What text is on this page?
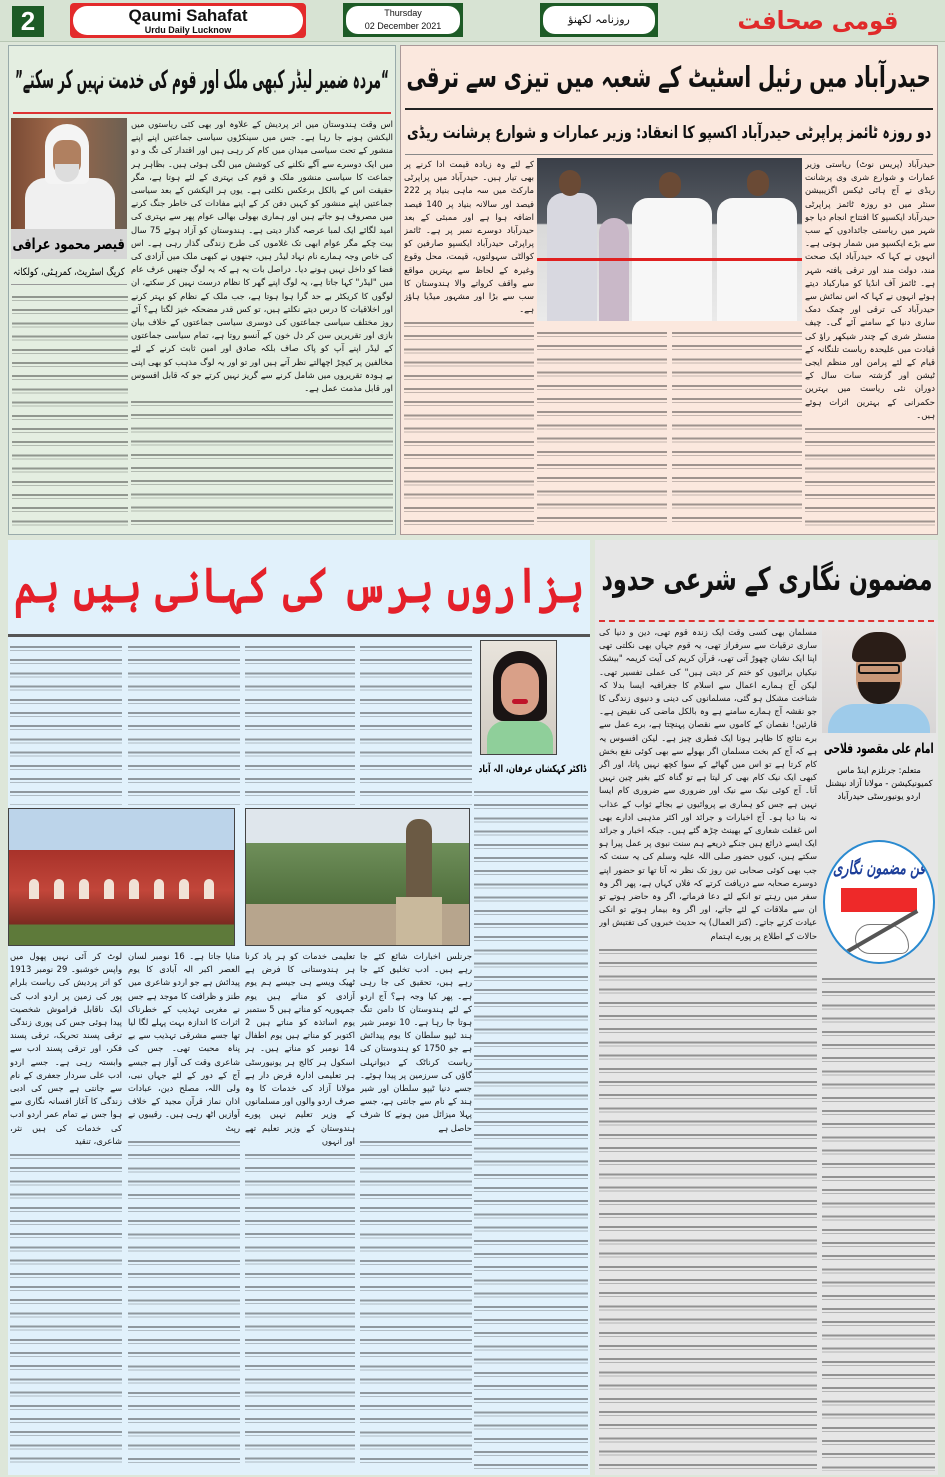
2	Qaumi Sahafat
Urdu Daily Lucknow
Thursday
02 December 2021	روزنامہ لکھنؤ	قومی صحافت
“مردہ ضمیر لیڈر کبھی ملک اور قوم کی خدمت نہیں کر سکتے”
قیصر محمود عراقی
کریگ اسٹریٹ، کمرہٹی، کولکاتہ

اس وقت ہندوستان میں اتر پردیش کے علاوہ اور بھی کئی ریاستوں میں الیکشن ہونے جا رہا ہے۔ جس میں سینکڑوں سیاسی جماعتیں اپنے اپنے منشور کے تحت سیاسی میدان میں کام کر رہی ہیں اور اقتدار کی تگ و دو میں ایک دوسرے سے آگے نکلنے کی کوشش میں لگی ہوئی ہیں۔ بظاہر ہر جماعت کا سیاسی منشور ملک و قوم کی بہتری کے لئے ہوتا ہے، مگر حقیقت اس کے بالکل برعکس نکلتی ہے۔ یوں ہر الیکشن کے بعد سیاسی جماعتیں اپنے منشور کو کہیں دفن کر کے اپنے مفادات کی خاطر جنگ کرنے میں مصروف ہو جاتے ہیں اور ہماری بھولی بھالی عوام پھر سے بہتری کی امید لگائے ایک لمبا عرصہ گذار دیتی ہے۔ ہندوستان کو آزاد ہوئے 75 سال بیت چکے مگر عوام ابھی تک غلاموں کی طرح زندگی گذار رہی ہے۔ اس کی خاص وجہ ہمارے نام نہاد لیڈر ہیں، جنھوں نے کبھی ملک میں آزادی کی فضا کو داخل نہیں ہونے دیا۔ دراصل بات یہ ہے کہ یہ لوگ جنھیں عرف عام میں "لیڈر" کہا جاتا ہے، یہ لوگ اپنے گھر کا نظام درست نہیں کر سکتے، ان لوگوں کا کریکٹر بے حد گرا ہوا ہوتا ہے، جب ملک کے نظام کو بہتر کرنے اور اخلاقیات کا درس دیتے نکلتے ہیں، تو کس قدر مضحکہ خیز لگتا ہے؟ آئے روز مختلف سیاسی جماعتوں کی دوسری سیاسی جماعتوں کے خلاف بیان بازی اور تقریریں سن کر دل خون کے آنسو روتا ہے، تمام سیاسی جماعتوں کے لیڈر اپنے آپ کو پاک صاف بلکہ صادق اور امین ثابت کرنے کے لئے مخالفین پر کیچڑ اچھالتے نظر آتے ہیں اور تو اور یہ لوگ مذہب کو بھی اپنی بے ہودہ تقریروں میں شامل کرنے سے گریز نہیں کرتے جو کہ قابل افسوس اور قابل مذمت عمل ہے۔

حیدرآباد میں رئیل اسٹیٹ کے شعبہ میں تیزی سے ترقی
دو روزہ ٹائمز پراپرٹی حیدرآباد اکسپو کا انعقاد: وزیر عمارات و شوارع پرشانت ریڈی

حیدرآباد (پریس نوٹ) ریاستی وزیر عمارات و شوارع شری وی پرشانت ریڈی نے آج ہائی ٹیکس اگزیبیشن سنٹر میں دو روزہ ٹائمز پراپرٹی حیدرآباد ایکسپو کا افتتاح انجام دیا جو شہر میں ریاستی جائدادوں کے سب سے بڑے ایکسپو میں شمار ہوتی ہے۔ انہوں نے کہا کہ حیدرآباد ایک صحت مند، دولت مند اور ترقی یافتہ شہر ہے۔ ٹائمز آف انڈیا کو مبارکباد دیتے ہوئے انہوں نے کہا کہ اس نمائش سے حیدرآباد کی ترقی اور چمک دمک ساری دنیا کے سامنے آئے گی۔ چیف منسٹر شری کے چندر شیکھر راؤ کی قیادت میں علیحدہ ریاست تلنگانہ کے قیام کے لئے پرامن اور منظم ایجی ٹیشن اور گزشتہ سات سال کے دوران نئی ریاست میں بہترین حکمرانی کے بہترین اثرات ہوئے ہیں۔

کے لئے وہ زیادہ قیمت ادا کرنے پر بھی تیار ہیں۔ حیدرآباد میں پراپرٹی مارکٹ میں سہ ماہی بنیاد پر 222 فیصد اور سالانہ بنیاد پر 140 فیصد اضافہ ہوا ہے اور ممبئی کے بعد حیدرآباد دوسرے نمبر پر ہے۔ ٹائمز پراپرٹی حیدرآباد ایکسپو صارفین کو کوالٹی سہولتوں، قیمت، محل وقوع وغیرہ کے لحاظ سے بہترین مواقع سے واقف کرواتے والا ہندوستان کا سب سے بڑا اور مشہور میڈیا ہاؤز ہے۔

ہزاروں برس کی کہانی ہیں ہم
ڈاکٹر کہکشاں عرفان، الہ آباد

جرنلس اخبارات شائع کئے جا رہے ہیں۔ ادب تخلیق کئے جا رہے ہیں، تحقیق کی جا رہی ہے۔ پھر کیا وجہ ہے؟ آج اردو کے لئے ہندوستان کا دامن تنگ ہوتا جا رہا ہے۔ 10 نومبر شیر ہند ٹیپو سلطان کا یوم پیدائش ہے جو 1750 کو ہندوستان کی ریاست کرناٹک کے دیوانہلی گاؤں کی سرزمین پر پیدا ہوئے۔ جسے دنیا ٹیپو سلطان اور شیر ہند کے نام سے جانتی ہے، جسے پہلا میزائل مین ہونے کا شرف حاصل ہے

تعلیمی خدمات کو ہر یاد کرنا ہر ہندوستانی کا فرض ہے ٹھیک ویسے ہی جیسے ہم یوم آزادی کو مناتے ہیں یوم جمہوریہ کو مناتے ہیں 5 ستمبر یوم اساتذہ کو مناتے ہیں 2 اکتوبر کو مناتے ہیں یوم اطفال 14 نومبر کو مناتے ہیں۔ ہر اسکول ہر کالج ہر یونیورسٹی ہر تعلیمی ادارہ قرض دار ہے مولانا آزاد کی خدمات کا وہ صرف اردو والوں اور مسلمانوں کے وزیر تعلیم نہیں پورے ہندوستان کے وزیر تعلیم تھے اور انہوں

منایا جاتا ہے۔ 16 نومبر لسان العصر اکبر الہ آبادی کا یوم پیدائش ہے جو اردو شاعری میں طنز و ظرافت کا موجد ہے جس نے مغربی تہذیب کے خطرناک اثرات کا اندازہ بہت پہلے لگا لیا تھا جسے مشرقی تہذیب سے بے پناہ محبت تھی۔ جس کی شاعری وقت کی آواز ہے جیسے آج کے دور کے لئے جہاں نبی، ولی اللہ، مصلح دین، عبادات اذان نماز قرآن مجید کے خلاف آوازیں اٹھ رہی ہیں۔ رقیبوں نے رپٹ

لوٹ کر آئی نہیں پھول میں واپس خوشبو۔ 29 نومبر 1913 کو اتر پردیش کی ریاست بلرام پور کی زمین پر اردو ادب کی ایک ناقابل فراموش شخصیت پیدا ہوئی جس کی پوری زندگی ترقی پسند تحریک، ترقی پسند فکر، اور ترقی پسند ادب سے وابستہ رہی ہے۔ جسے اردو ادب علی سردار جعفری کے نام سے جانتی ہے جس کی ادبی زندگی کا آغاز افسانہ نگاری سے ہوا جس نے تمام عمر اردو ادب کی خدمات کی ہیں نثر، شاعری، تنقید

مضمون نگاری کے شرعی حدود
امام علی مقصود فلاحی
متعلم: جرنلزم اینڈ ماس کمیونیکیشن - مولانا آزاد نیشنل اردو یونیورسٹی حیدرآباد

مسلمان بھی کسی وقت ایک زندہ قوم تھی، دین و دنیا کی ساری ترقیات سے سرفراز تھی، یہ قوم جہاں بھی نکلتی تھی اپنا ایک نشان چھوڑ آتی تھی، قرآن کریم کی آیت کریمہ "بیشک نیکیاں برائیوں کو ختم کر دیتی ہیں" کی عملی تفسیر تھی۔ لیکن آج ہمارے اعمال سے اسلام کا جغرافیہ ایسا بدلا کہ شناخت مشکل ہو گئی، مسلمانوں کی دینی و دنیوی زندگی کا جو نقشہ آج ہمارے سامنے ہے وہ بالکل ماضی کی نقیض ہے۔ قارئین! نقصان کے کاموں سے نقصان پہنچتا ہے، برے عمل سے برے نتائج کا ظاہر ہونا ایک فطری چیز ہے۔ لیکن افسوس یہ ہے کہ آج کم بخت مسلمان اگر بھولے سے بھی کوئی نفع بخش کام کرتا ہے تو اس میں گھاٹے کے سوا کچھ نہیں پاتا، اور اگر کبھی ایک نیک کام بھی کر لیتا ہے تو گناہ کئے بغیر چین نہیں آتا۔ آج کوئی نیک سے نیک اور ضروری سے ضروری کام ایسا نہیں ہے جس کو ہماری بے پروائیوں نے بجائے ثواب کے عذاب نہ بنا دیا ہو۔ آج اخبارات و جرائد اور اکثر مذہبی ادارے بھی اس غفلت شعاری کے بھینٹ چڑھ گئے ہیں۔ جبکہ اخبار و جرائد ایک ایسے ذرائع ہیں جنکے ذریعے ہم سنت نبوی پر عمل پیرا ہو سکتے ہیں، کیوں حضور صلی اللہ علیہ وسلم کی یہ سنت کہ جب بھی کوئی صحابی تین روز تک نظر نہ آتا تھا تو حضور اپنے دوسرے صحابہ سے دریافت کرتے کہ فلاں کہاں ہے، پھر اگر وہ سفر میں رہتے تو انکے لئے دعا فرماتے، اگر وہ حاضر ہوتے تو ان سے ملاقات کے لئے جاتے، اور اگر وہ بیمار ہوتے تو انکی عیادت کرتے جاتے۔ (کنز العمال) یہ حدیث خبروں کی تفتیش اور حالات کے اطلاع پر پورے اہتمام

فن مضمون نگاری
